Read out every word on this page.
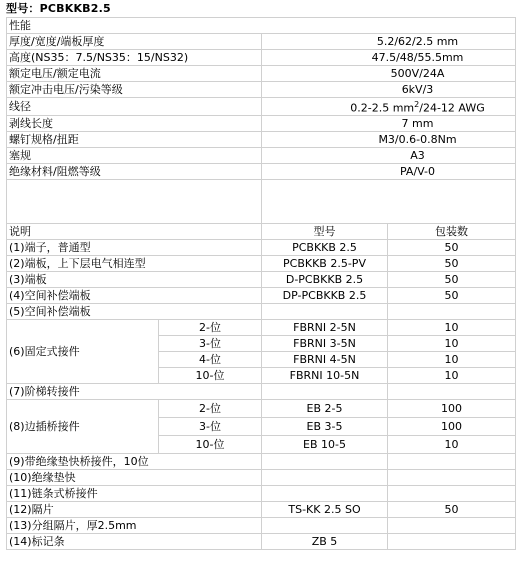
型号：PCBKKB2.5
性能	
厚度/宽度/端板厚度	5.2/62/2.5 mm
高度(NS35：7.5/NS35：15/NS32)	47.5/48/55.5mm
额定电压/额定电流	500V/24A
额定冲击电压/污染等级	6kV/3
线径	0.2-2.5 $mm^2/24-12$ AWG
剥线长度	7 mm
螺钉规格/扭距	M3/0.6-0.8Nm
塞规	A3
绝缘材料/阻燃等级	PA/V-0

说明		型号	包装数
(1)端子，普通型		PCBKKB 2.5	50
(2)端板，上下层电气相连型		PCBKKB 2.5-PV	50
(3)端板		D-PCBKKB 2.5	50
(4)空间补偿端板		DP-PCBKKB 2.5	50
(5)空间补偿端板			
(6)固定式接件	2-位	FBRNI 2-5N	10
	3-位	FBRNI 3-5N	10
	4-位	FBRNI 4-5N	10
	10-位	FBRNI 10-5N	10
(7)阶梯转接件			
(8)边插桥接件	2-位	EB 2-5	100
	3-位	EB 3-5	100
	10-位	EB 10-5	10
(9)带绝缘垫快桥接件，10位			
(10)绝缘垫快			
(11)链条式桥接件			
(12)隔片		TS-KK 2.5 SO	50
(13)分组隔片，厚2.5mm			
(14)标记条		ZB 5	
